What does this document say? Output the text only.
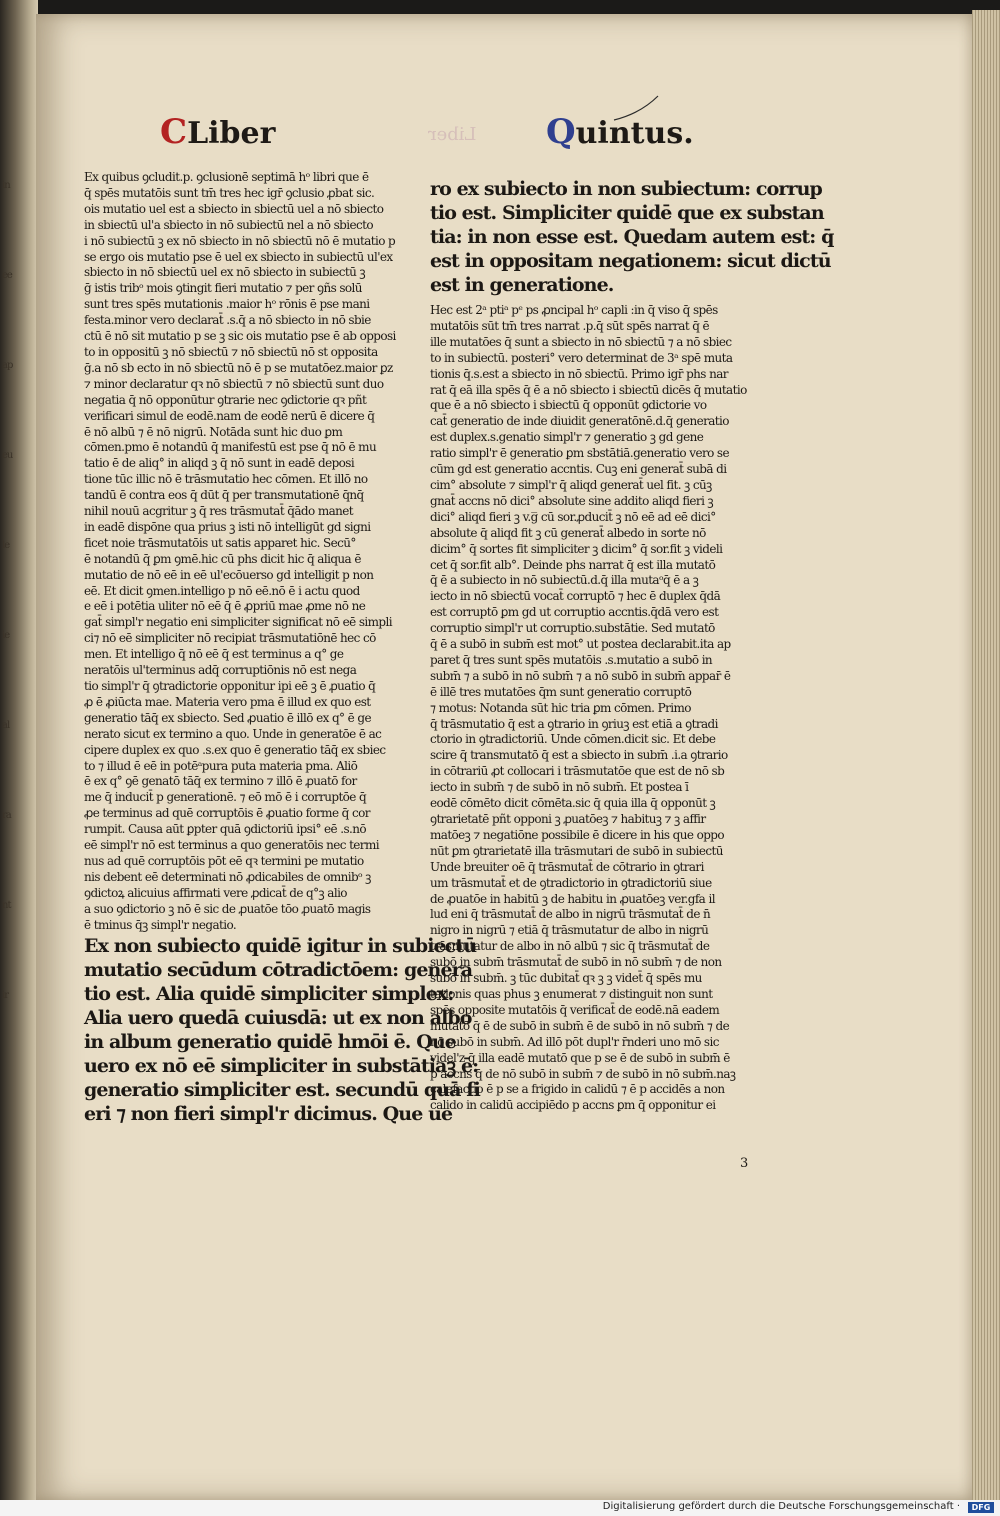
in
ee
ap
eu
le
ie
al
ra
nt
ir
CLiber	Liber Quintus.

Ex quibus ꝯcludit.p. ꝯclusionē septimā hᵒ libri que ē

q̄ spēs mutatōis sunt tm̄ tres hec igr̄ ꝯclusio ꝓbat sic.

ois mutatio uel est a sbiecto in sbiectū uel a nō sbiecto

in sbiectū ul'a sbiecto in nō subiectū nel a nō sbiecto

i nō subiectū ꝫ ex nō sbiecto in nō sbiectū nō ē mutatio p

se ergo ois mutatio pse ē uel ex sbiecto in subiectū ul'ex

sbiecto in nō sbiectū uel ex nō sbiecto in subiectū ꝫ

ḡ istis tribᵒ mois ꝯtingit fieri mutatio ⁊ per ꝯñs solū

sunt tres spēs mutationis .maior hᵒ rōnis ē pse mani

festa.minor vero declarat̄ .s.q̄ a nō sbiecto in nō sbie

ctū ē nō sit mutatio p se ꝫ sic ois mutatio pse ē ab opposi

to in oppositū ꝫ nō sbiectū ⁊ nō sbiectū nō st opposita

ḡ.a nō sb ecto in nō sbiectū nō ē p se mutatōez.maior ꝑz

⁊ minor declaratur qꝛ nō sbiectū ⁊ nō sbiectū sunt duo

negatia q̄ nō opponūtur ꝯtrarie nec ꝯdictorie qꝛ pñt

verificari simul de eodē.nam de eodē nerū ē dicere q̄

ē nō albū ⁊ ē nō nigrū. Notāda sunt hic duo ꝑm

cōmen.pmo ē notandū q̄ manifestū est pse q̄ nō ē mu

tatio ē de aliq° in aliqd ꝫ q̄ nō sunt in eadē deposi

tione tūc illic nō ē trāsmutatio hec cōmen. Et illō no

tandū ē contra eos q̄ dūt q̄ per transmutationē q̄nq̄

nihil nouū acgritur ꝫ q̄ res trāsmutat̄ q̄ādo manet

in eadē dispōne qua prius ꝫ isti nō intelligūt gd signi

ficet noie trāsmutatōis ut satis apparet hic. Secū°

ē notandū q̄ ꝑm ꝯmē.hic cū phs dicit hic q̄ aliqua ē

mutatio de nō eē in eē ul'ecōuerso gd intelligit p non

eē. Et dicit ꝯmen.intelligo p nō eē.nō ē i actu quod

e eē i potētia uliter nō eē q̄ ē ꝓpriū mae ꝓme nō ne

gat̄ simpl'r negatio eni simpliciter significat nō eē simpli

ci⁊ nō eē simpliciter nō recipiat trāsmutatiōnē hec cō

men. Et intelligo q̄ nō eē q̄ est terminus a q° ge

neratōis ul'terminus adq̄ corruptiōnis nō est nega

tio simpl'r q̄ ꝯtradictorie opponitur ipi eē ꝫ ē ꝓuatio q̄

ꝓ ē ꝓiūcta mae. Materia vero pma ē illud ex quo est

generatio tāq̄ ex sbiecto. Sed ꝓuatio ē illō ex q° ē ge

nerato sicut ex termino a quo. Unde in generatōe ē ac

cipere duplex ex quo .s.ex quo ē generatio tāq̄ ex sbiec

to ⁊ illud ē eē in potēᵃpura puta materia pma. Aliō

ē ex q° ꝯē genatō tāq̄ ex termino ⁊ illō ē ꝓuatō for

me q̄ inducit̄ p generationē. ⁊ eō mō ē i corruptōe q̄

ꝓe terminus ad quē corruptōis ē ꝓuatio forme q̄ cor

rumpit. Causa aūt ꝑpter quā ꝯdictoriū ipsi° eē .s.nō

eē simpl'r nō est terminus a quo generatōis nec termi

nus ad quē corruptōis pōt eē qꝛ termini pe mutatio

nis debent eē determinati nō ꝓdicabiles de omnibᵒ ꝫ

ꝯdictoꝝ alicuius affirmati vere ꝓdicat̄ de q°ꝫ alio

a suo ꝯdictorio ꝫ nō ē sic de ꝓuatōe tōo ꝓuatō magis

ē tminus q̄ꝫ simpl'r negatio.

Ex non subiecto quidē igitur in subiectū

mutatio secūdum cōtradictōem: genera

tio est. Alia quidē simpliciter simplex:

Alia uero quedā cuiusdā: ut ex non albo

in album generatio quidē hmōi ē. Que

uero ex nō eē simpliciter in substātiaꝫ ē:

generatio simpliciter est. secundū quā fi

eri ⁊ non fieri simpl'r dicimus. Que ue

ro ex subiecto in non subiectum: corrup

tio est. Simpliciter quidē que ex substan

tia: in non esse est. Quedam autem est: q̄

est in oppositam negationem: sicut dictū

est in generatione.

Hec est 2ᵃ ptiᵃ pᵉ ps ꝓncipal hᵒ capli :in q̄ viso q̄ spēs

mutatōis sūt tm̄ tres narrat .p.q̄ sūt spēs narrat q̄ ē

ille mutatōes q̄ sunt a sbiecto in nō sbiectū ⁊ a nō sbiec

to in subiectū. posteri° vero determinat de 3ᵃ spē muta

tionis q̄.s.est a sbiecto in nō sbiectū. Primo igr̄ phs nar

rat q̄ eā illa spēs q̄ ē a nō sbiecto i sbiectū dicēs q̄ mutatio

que ē a nō sbiecto i sbiectū q̄ opponūt ꝯdictorie vo

cat̄ generatio de inde diuidit generatōnē.d.q̄ generatio

est duplex.s.genatio simpl'r ⁊ generatio ꝫ gd gene

ratio simpl'r ē generatio ꝑm sbstātiā.generatio vero se

cūm gd est generatio accntis. Cuꝫ eni generat̄ subā di

cim° absolute ⁊ simpl'r q̄ aliqd generat̄ uel fit. ꝫ cūꝫ

gnat̄ accns nō dici° absolute sine addito aliqd fieri ꝫ

dici° aliqd fieri ꝫ v.g̅ cū sor.ꝓducit̄ ꝫ nō eē ad eē dici°

absolute q̄ aliqd fit ꝫ cū generat̄ albedo in sorte nō

dicim° q̄ sortes fit simpliciter ꝫ dicim° q̄ sor.fit ꝫ videli

cet q̄ sor.fit alb°. Deinde phs narrat q̄ est illa mutatō

q̄ ē a subiecto in nō subiectū.d.q̄ illa mutaᵒq̄ ē a ꝫ

iecto in nō sbiectū vocat̄ corruptō ⁊ hec ē duplex q̄dā

est corruptō ꝑm gd ut corruptio accntis.q̄dā vero est

corruptio simpl'r ut corruptio.substātie. Sed mutatō

q̄ ē a subō in subm̄ est mot° ut postea declarabit.ita ap

paret q̄ tres sunt spēs mutatōis .s.mutatio a subō in

subm̄ ⁊ a subō in nō subm̄ ⁊ a nō subō in subm̄ appar̄ ē

ē illē tres mutatōes q̄m sunt generatio corruptō

⁊ motus: Notanda sūt hic tria ꝑm cōmen. Primo

q̄ trāsmutatio q̄ est a ꝯtrario in ꝯriuꝫ est etiā a ꝯtradi

ctorio in ꝯtradictoriū. Unde cōmen.dicit sic. Et debe

scire q̄ transmutatō q̄ est a sbiecto in subm̄ .i.a ꝯtrario

in cōtrariū ꝓt collocari i trāsmutatōe que est de nō sb

iecto in subm̄ ⁊ de subō in nō subm̄. Et postea ī

eodē cōmēto dicit cōmēta.sic q̄ quia illa q̄ opponūt ꝫ

ꝯtrarietatē pñt opponi ꝫ ꝓuatōeꝫ ⁊ habituꝫ ⁊ ꝫ affir

matōeꝫ ⁊ negatiōne possibile ē dicere in his que oppo

nūt ꝑm ꝯtrarietatē illa trāsmutari de subō in subiectū

Unde breuiter oē q̄ trāsmutat̄ de cōtrario in ꝯtrari

um trāsmutat̄ et de ꝯtradictorio in ꝯtradictoriū siue

de ꝓuatōe in habitū ꝫ de habitu in ꝓuatōeꝫ ver.gfa il

lud eni q̄ trāsmutat̄ de albo in nigrū trāsmutat̄ de n̄

nigro in nigrū ⁊ etiā q̄ trāsmutatur de albo in nigrū

trāsmutatur de albo in nō albū ⁊ sic q̄ trāsmutat̄ de

subō in subm̄ trāsmutat̄ de subō in nō subm̄ ⁊ de non

subō in subm̄. ꝫ tūc dubitat̄ qꝛ ꝫ ꝫ videt̄ q̄ spēs mu

tationis quas phus ꝫ enumerat ⁊ distinguit non sunt

spēs opposite mutatōis q̄ verificat̄ de eodē.nā eadem

mutatō q̄ ē de subō in subm̄ ē de subō in nō subm̄ ⁊ de

nō subō in subm̄. Ad illō pōt dupl'r r̄nderi uno mō sic

videl'z q̄ illa eadē mutatō que p se ē de subō in subm̄ ē

p accns q̄ de nō subō in subm̄ ⁊ de subō in nō subm̄.naꝫ

calefactio ē p se a frigido in calidū ⁊ ē p accidēs a non

calido in calidū accipiēdo p accns ꝑm q̄ opponitur ei

3
Digitalisierung gefördert durch die Deutsche Forschungsgemeinschaft ·	DFG
